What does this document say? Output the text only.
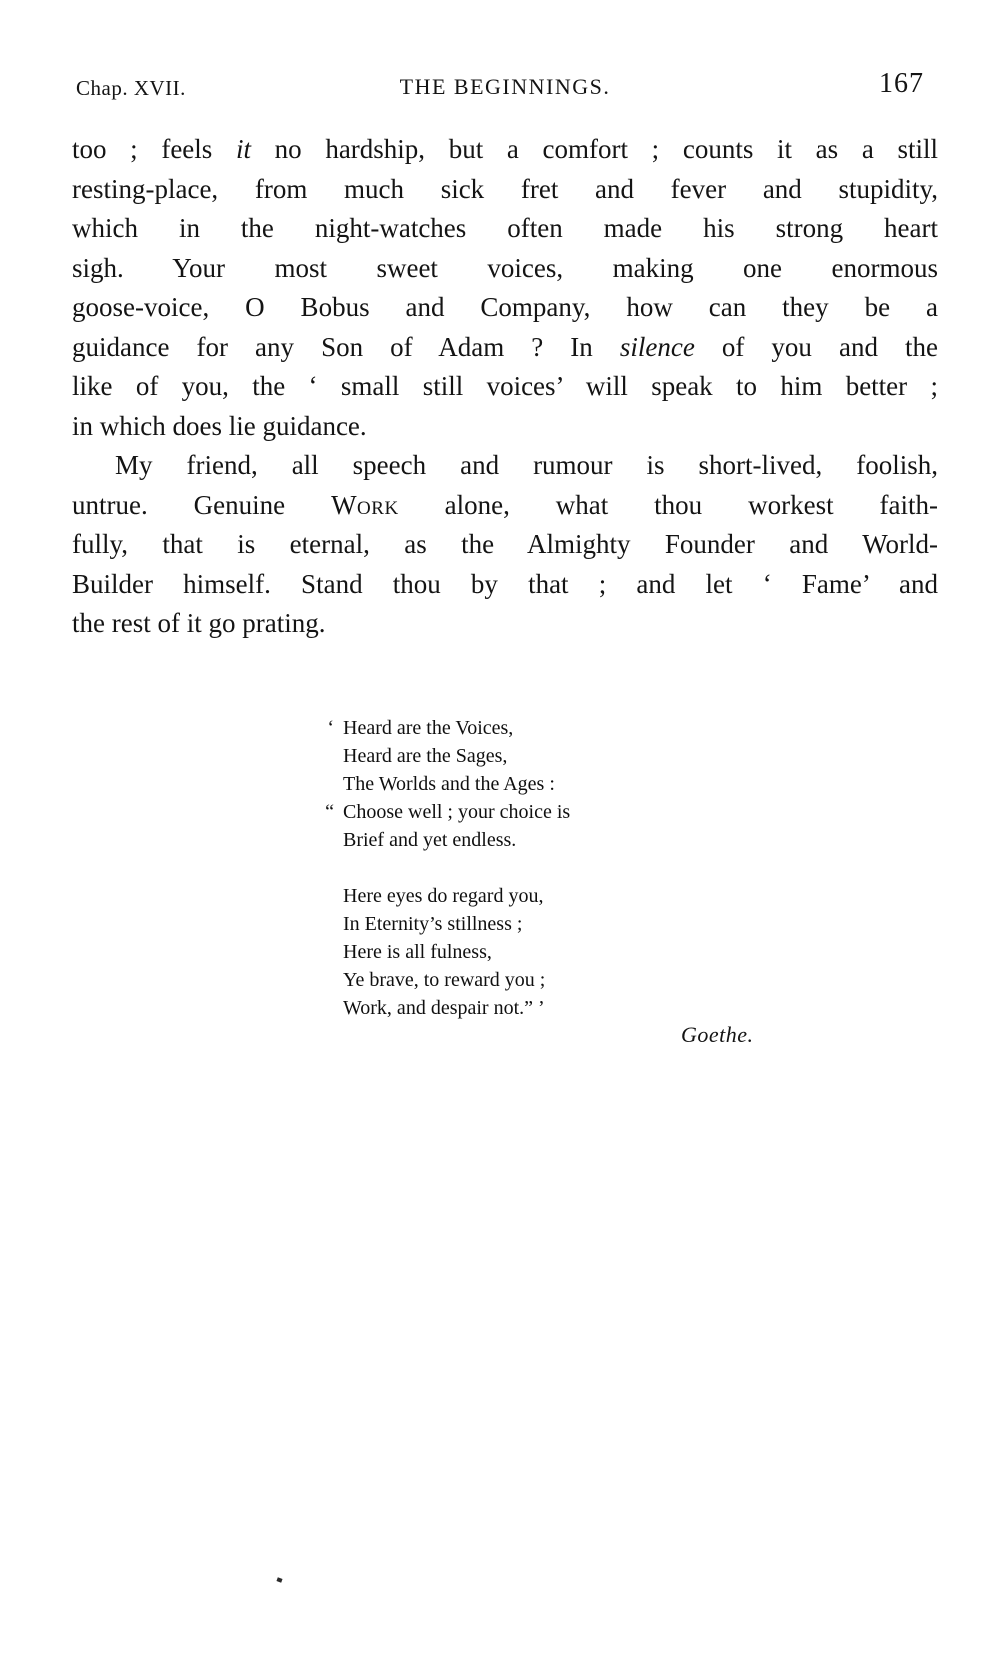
Chap. XVII.	THE BEGINNINGS.	167
too ; feels it no hardship, but a comfort ; counts it as a still
resting-place, from much sick fret and fever and stupidity,
which in the night-watches often made his strong heart
sigh. Your most sweet voices, making one enormous
goose-voice, O Bobus and Company, how can they be a
guidance for any Son of Adam ? In silence of you and the
like of you, the ‘ small still voices’ will speak to him better ;
in which does lie guidance.
My friend, all speech and rumour is short-lived, foolish,
untrue. Genuine Work alone, what thou workest faith-
fully, that is eternal, as the Almighty Founder and World-
Builder himself. Stand thou by that ; and let ‘ Fame’ and
the rest of it go prating.
‘ Heard are the Voices,
Heard are the Sages,
The Worlds and the Ages :
“ Choose well ; your choice is
Brief and yet endless.
Here eyes do regard you,
In Eternity’s stillness ;
Here is all fulness,
Ye brave, to reward you ;
Work, and despair not.” ’
Goethe.
